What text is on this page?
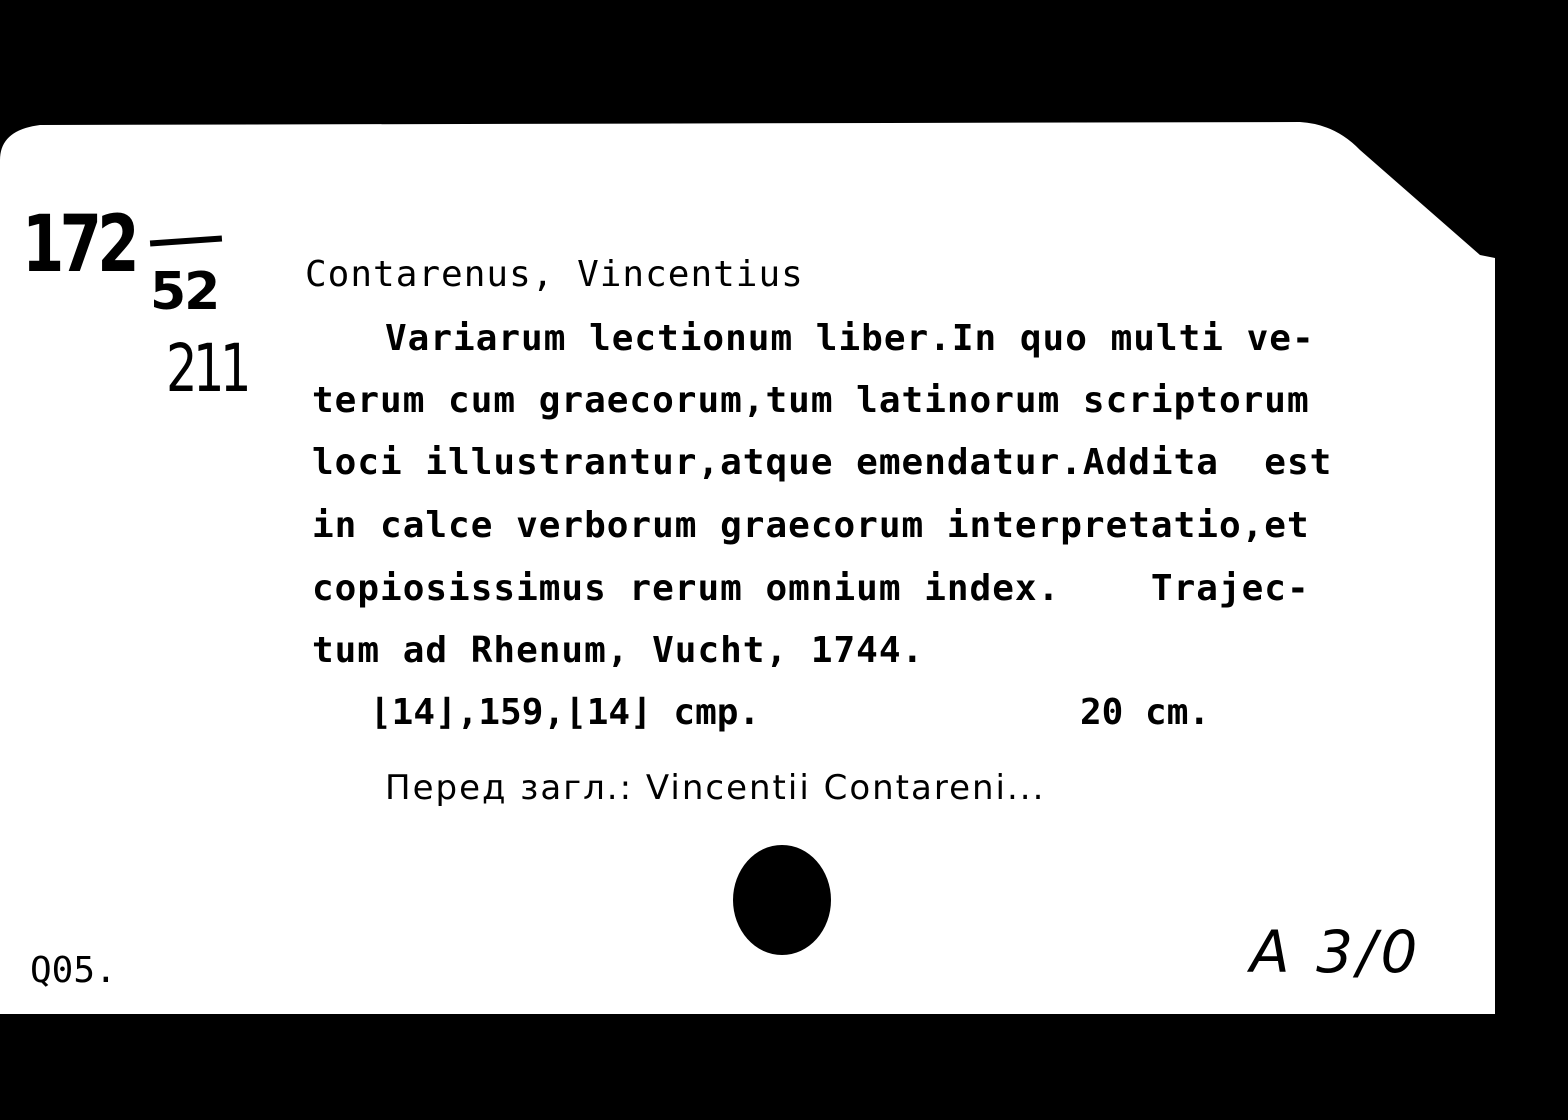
172
52
211
Contarenus, Vincentius
Variarum lectionum liber.In quo multi ve-
terum cum graecorum,tum latinorum scriptorum
loci illustrantur,atque emendatur.Addita  est
in calce verborum graecorum interpretatio,et
copiosissimus rerum omnium index.    Trajec-
tum ad Rhenum, Vucht, 1744.
⌊14⌋,159,⌊14⌋ cmp.	20 cm.
Перед загл.: Vincentii Contareni...
A 3/0
Q05.
